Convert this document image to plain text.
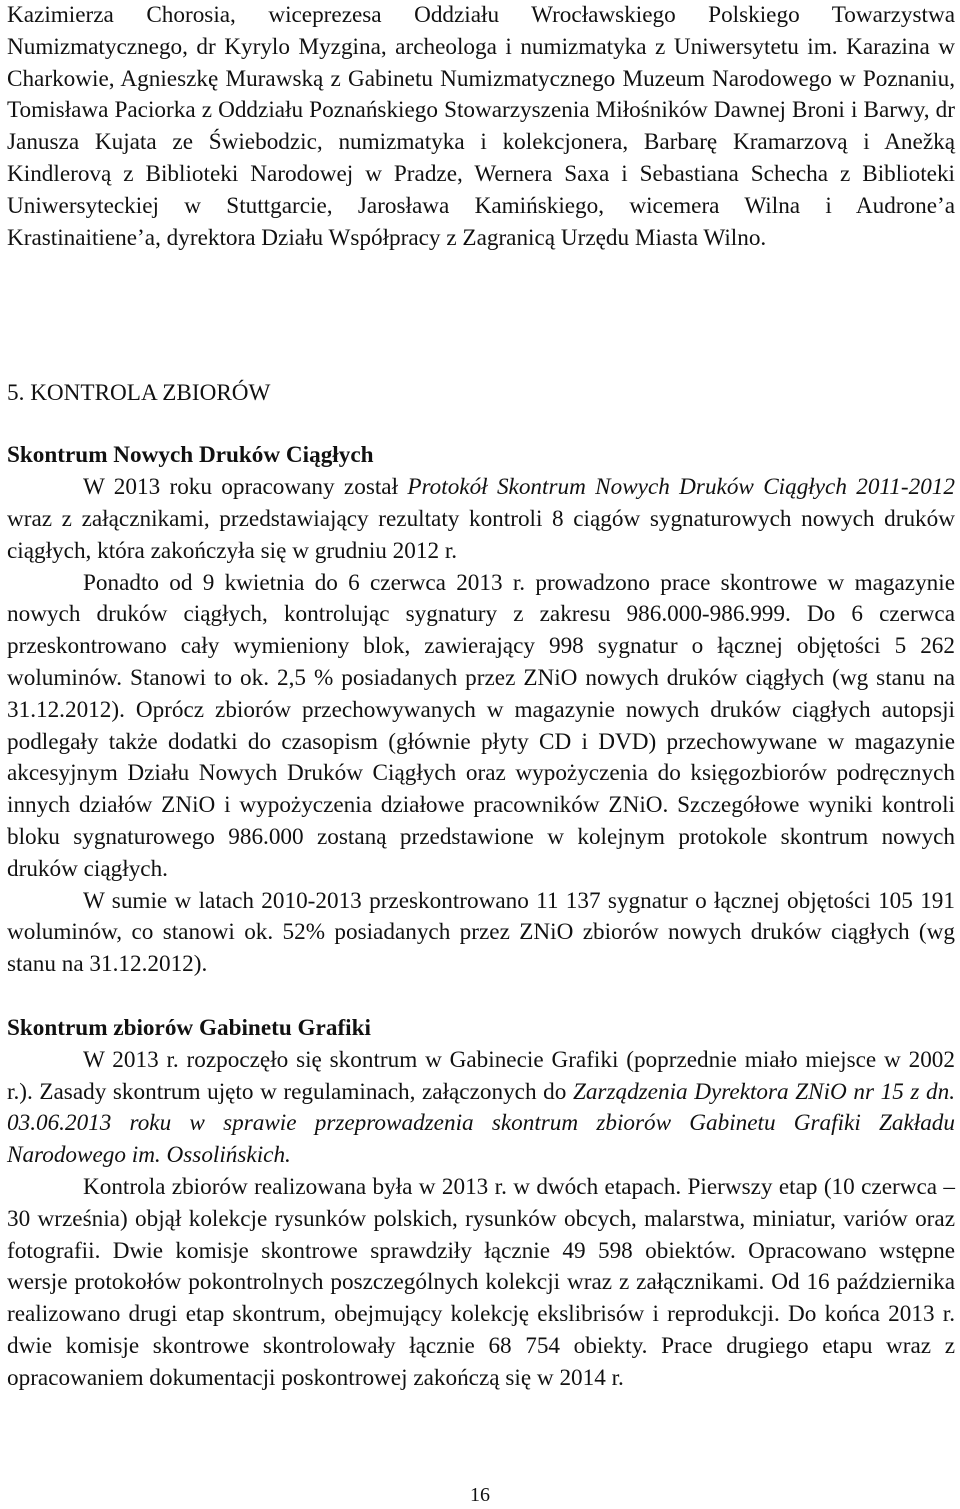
Kazimierza Chorosia, wiceprezesa Oddziału Wrocławskiego Polskiego Towarzystwa Numizmatycznego, dr Kyrylo Myzgina, archeologa i numizmatyka z Uniwersytetu im. Karazina w Charkowie, Agnieszkę Murawską z Gabinetu Numizmatycznego Muzeum Narodowego w Poznaniu, Tomisława Paciorka z Oddziału Poznańskiego Stowarzyszenia Miłośników Dawnej Broni i Barwy, dr Janusza Kujata ze Świebodzic, numizmatyka i kolekcjonera, Barbarę Kramarzovą i Anežką Kindlerovą z Biblioteki Narodowej w Pradze, Wernera Saxa i Sebastiana Schecha z Biblioteki Uniwersyteckiej w Stuttgarcie, Jarosława Kamińskiego, wicemera Wilna i Audrone’a Krastinaitiene’a, dyrektora Działu Współpracy z Zagranicą Urzędu Miasta Wilno.

5. KONTROLA ZBIORÓW
Skontrum Nowych Druków Ciągłych

W 2013 roku opracowany został Protokół Skontrum Nowych Druków Ciągłych 2011-2012 wraz z załącznikami, przedstawiający rezultaty kontroli 8 ciągów sygnaturowych nowych druków ciągłych, która zakończyła się w grudniu 2012 r.

Ponadto od 9 kwietnia do 6 czerwca 2013 r. prowadzono prace skontrowe w magazynie nowych druków ciągłych, kontrolując sygnatury z zakresu 986.000-986.999. Do 6 czerwca przeskontrowano cały wymieniony blok, zawierający 998 sygnatur o łącznej objętości 5 262 woluminów. Stanowi to ok. 2,5 % posiadanych przez ZNiO nowych druków ciągłych (wg stanu na 31.12.2012). Oprócz zbiorów przechowywanych w magazynie nowych druków ciągłych autopsji podlegały także dodatki do czasopism (głównie płyty CD i DVD) przechowywane w magazynie akcesyjnym Działu Nowych Druków Ciągłych oraz wypożyczenia do księgozbiorów podręcznych innych działów ZNiO i wypożyczenia działowe pracowników ZNiO. Szczegółowe wyniki kontroli bloku sygnaturowego 986.000 zostaną przedstawione w kolejnym protokole skontrum nowych druków ciągłych.

W sumie w latach 2010-2013 przeskontrowano 11 137 sygnatur o łącznej objętości 105 191 woluminów, co stanowi ok. 52% posiadanych przez ZNiO zbiorów nowych druków ciągłych (wg stanu na 31.12.2012).

Skontrum zbiorów Gabinetu Grafiki

W 2013 r. rozpoczęło się skontrum w Gabinecie Grafiki (poprzednie miało miejsce w 2002 r.). Zasady skontrum ujęto w regulaminach, załączonych do Zarządzenia Dyrektora ZNiO nr 15 z dn. 03.06.2013 roku w sprawie przeprowadzenia skontrum zbiorów Gabinetu Grafiki Zakładu Narodowego im. Ossolińskich.

Kontrola zbiorów realizowana była w 2013 r. w dwóch etapach. Pierwszy etap (10 czerwca – 30 września) objął kolekcje rysunków polskich, rysunków obcych, malarstwa, miniatur, variów oraz fotografii. Dwie komisje skontrowe sprawdziły łącznie 49 598 obiektów. Opracowano wstępne wersje protokołów pokontrolnych poszczególnych kolekcji wraz z załącznikami. Od 16 października realizowano drugi etap skontrum, obejmujący kolekcję ekslibrisów i reprodukcji. Do końca 2013 r. dwie komisje skontrowe skontrolowały łącznie 68 754 obiekty. Prace drugiego etapu wraz z opracowaniem dokumentacji poskontrowej zakończą się w 2014 r.

16
